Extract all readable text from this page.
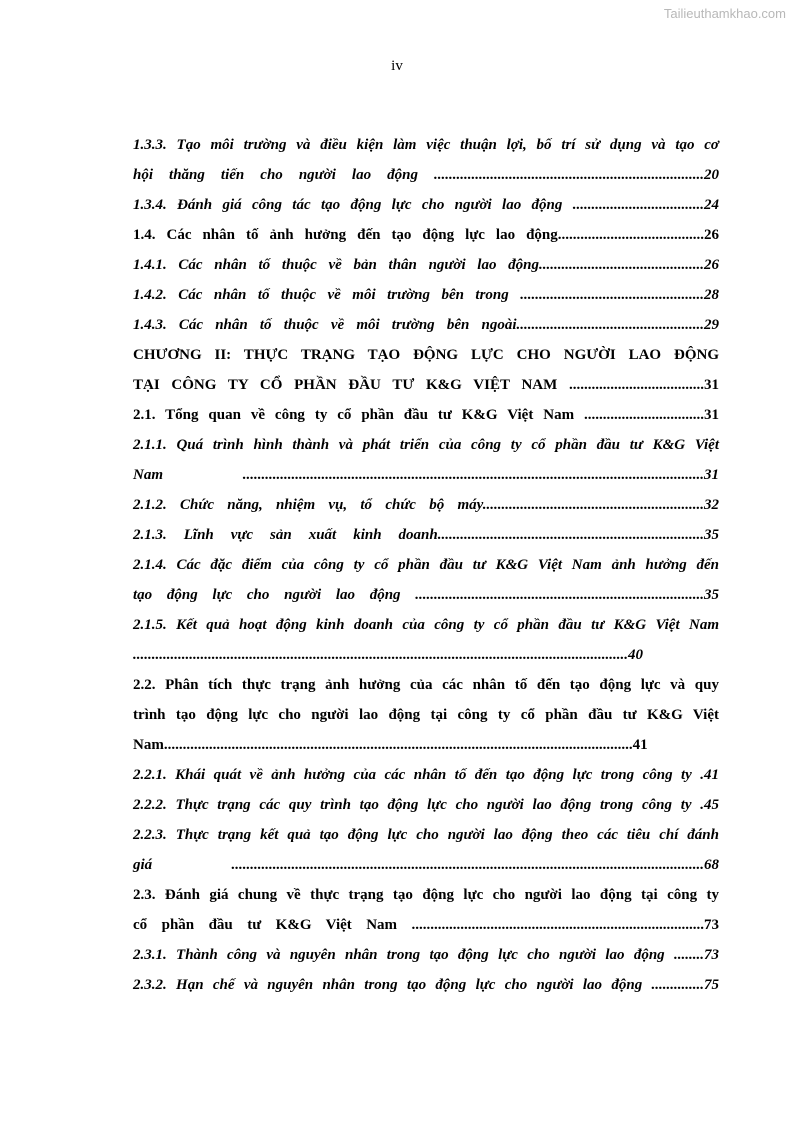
Tailieuthamkhao.com
iv

1.3.3. Tạo môi trường và điều kiện làm việc thuận lợi, bố trí sử dụng và tạo cơ

hội thăng tiến cho người lao động ........................................................................20

1.3.4. Đánh giá công tác tạo động lực cho người lao động ...................................24

1.4. Các nhân tố ảnh hưởng đến tạo động lực lao động.......................................26

1.4.1. Các nhân tố thuộc về bản thân người lao động............................................26

1.4.2. Các nhân tố thuộc về môi trường bên trong .................................................28

1.4.3. Các nhân tố thuộc về môi trường bên ngoài..................................................29

CHƯƠNG II: THỰC TRẠNG TẠO ĐỘNG LỰC CHO NGƯỜI LAO ĐỘNG

TẠI CÔNG TY CỔ PHẦN ĐẦU TƯ K&G VIỆT NAM ....................................31

2.1. Tổng quan về công ty cổ phần đầu tư K&G Việt Nam ................................31

2.1.1. Quá trình hình thành và phát triển của công ty cổ phần đầu tư K&G Việt

Nam ...........................................................................................................................31

2.1.2. Chức năng, nhiệm vụ, tổ chức bộ máy...........................................................32

2.1.3. Lĩnh vực sản xuất kinh doanh.......................................................................35

2.1.4. Các đặc điểm của công ty cổ phần đầu tư K&G Việt Nam ảnh hưởng đến

tạo động lực cho người lao động .............................................................................35

2.1.5. Kết quả hoạt động kinh doanh của công ty cổ phần đầu tư K&G Việt Nam

....................................................................................................................................40

2.2. Phân tích thực trạng ảnh hưởng của các nhân tố đến tạo động lực và quy

trình tạo động lực cho người lao động tại công ty cổ phần đầu tư K&G Việt

Nam.............................................................................................................................41

2.2.1. Khái quát về ảnh hưởng của các nhân tố đến tạo động lực trong công ty .41

2.2.2. Thực trạng các quy trình tạo động lực cho người lao động trong công ty .45

2.2.3. Thực trạng kết quả tạo động lực cho người lao động theo các tiêu chí đánh

giá ..............................................................................................................................68

2.3. Đánh giá chung về thực trạng tạo động lực cho người lao động tại công ty

cổ phần đầu tư K&G Việt Nam ..............................................................................73

2.3.1. Thành công và nguyên nhân trong tạo động lực cho người lao động ........73

2.3.2. Hạn chế và nguyên nhân trong tạo động lực cho người lao động ..............75
